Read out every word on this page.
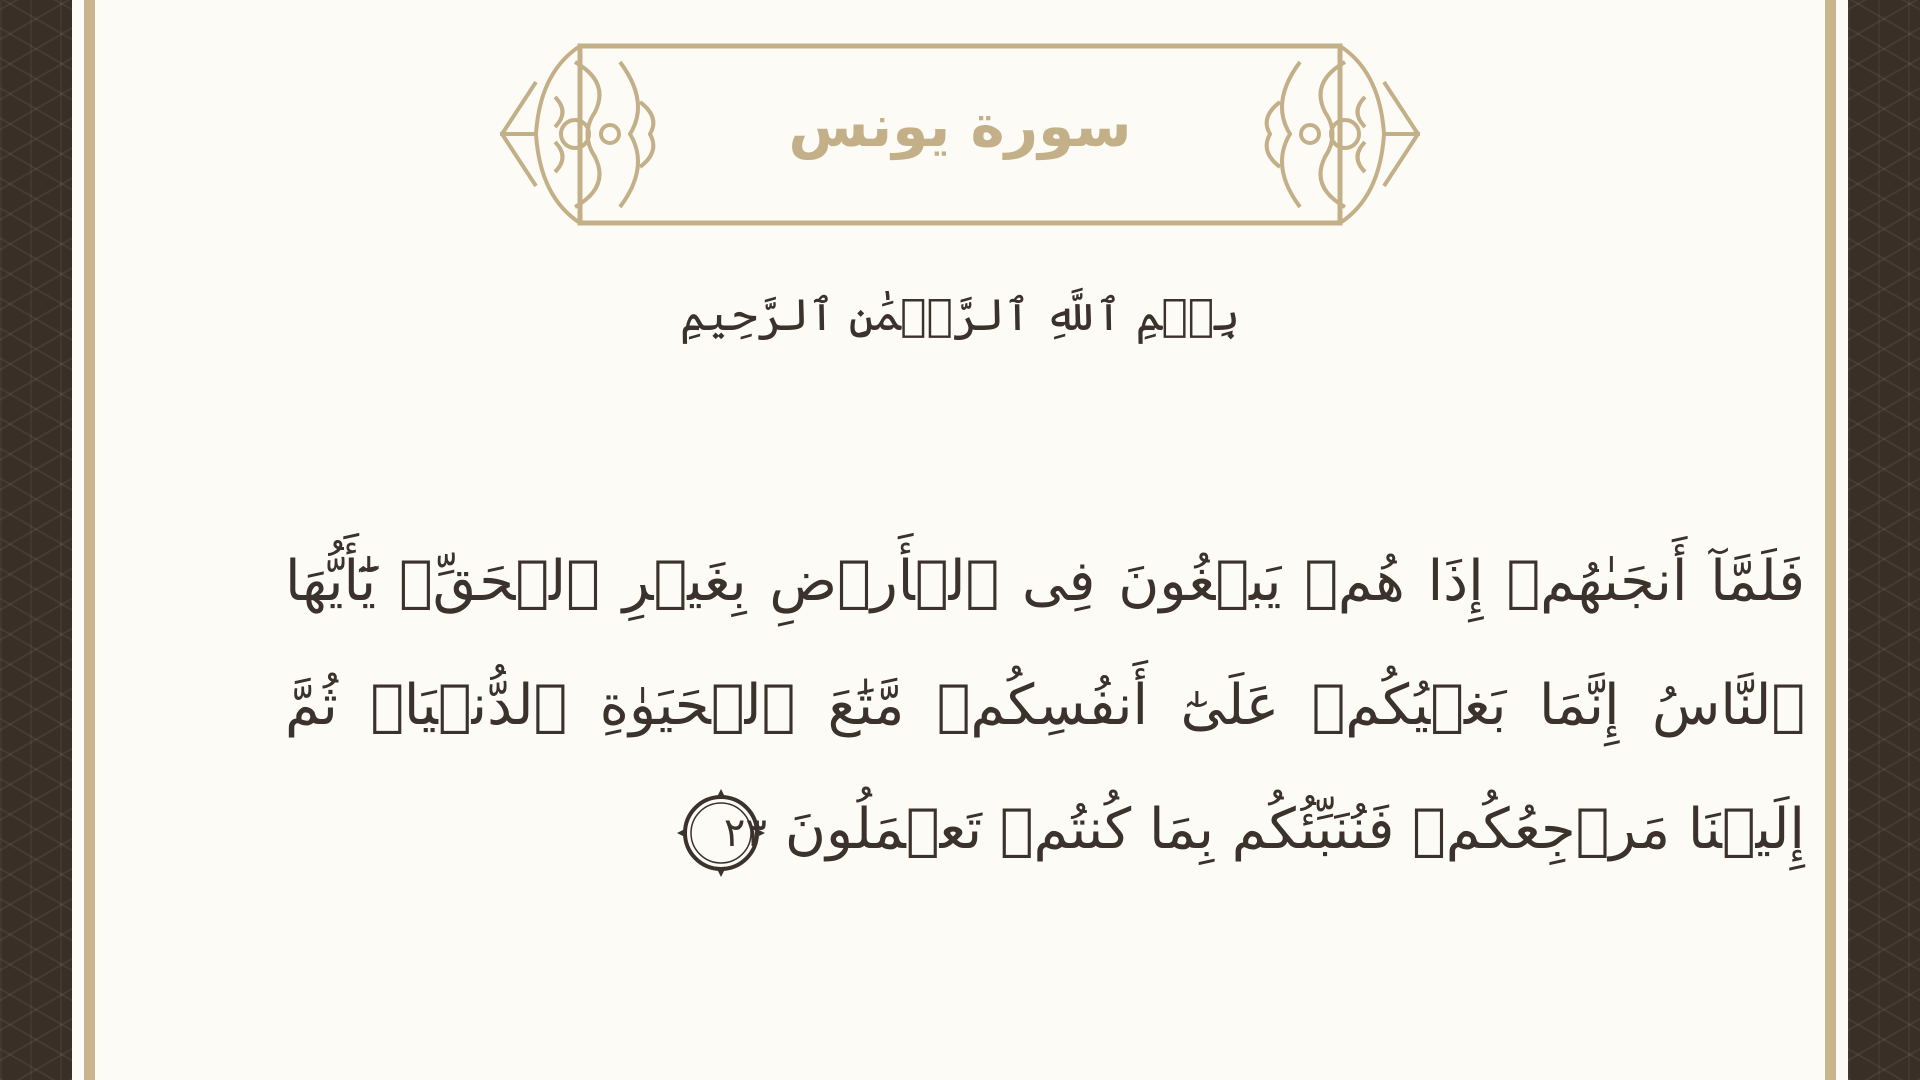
سورة يونس
بِسۡمِ ٱللَّهِ ٱلرَّحۡمَٰنِ ٱلرَّحِيمِ
فَلَمَّآ أَنجَىٰهُمۡ إِذَا هُمۡ يَبۡغُونَ فِى ٱلۡأَرۡضِ بِغَيۡرِ ٱلۡحَقِّۗ يَٰٓأَيُّهَا ٱلنَّاسُ إِنَّمَا بَغۡيُكُمۡ عَلَىٰٓ أَنفُسِكُمۖ مَّتَٰعَ ٱلۡحَيَوٰةِ ٱلدُّنۡيَاۖ ثُمَّ إِلَيۡنَا مَرۡجِعُكُمۡ فَنُنَبِّئُكُم بِمَا كُنتُمۡ تَعۡمَلُونَ
٢٣
